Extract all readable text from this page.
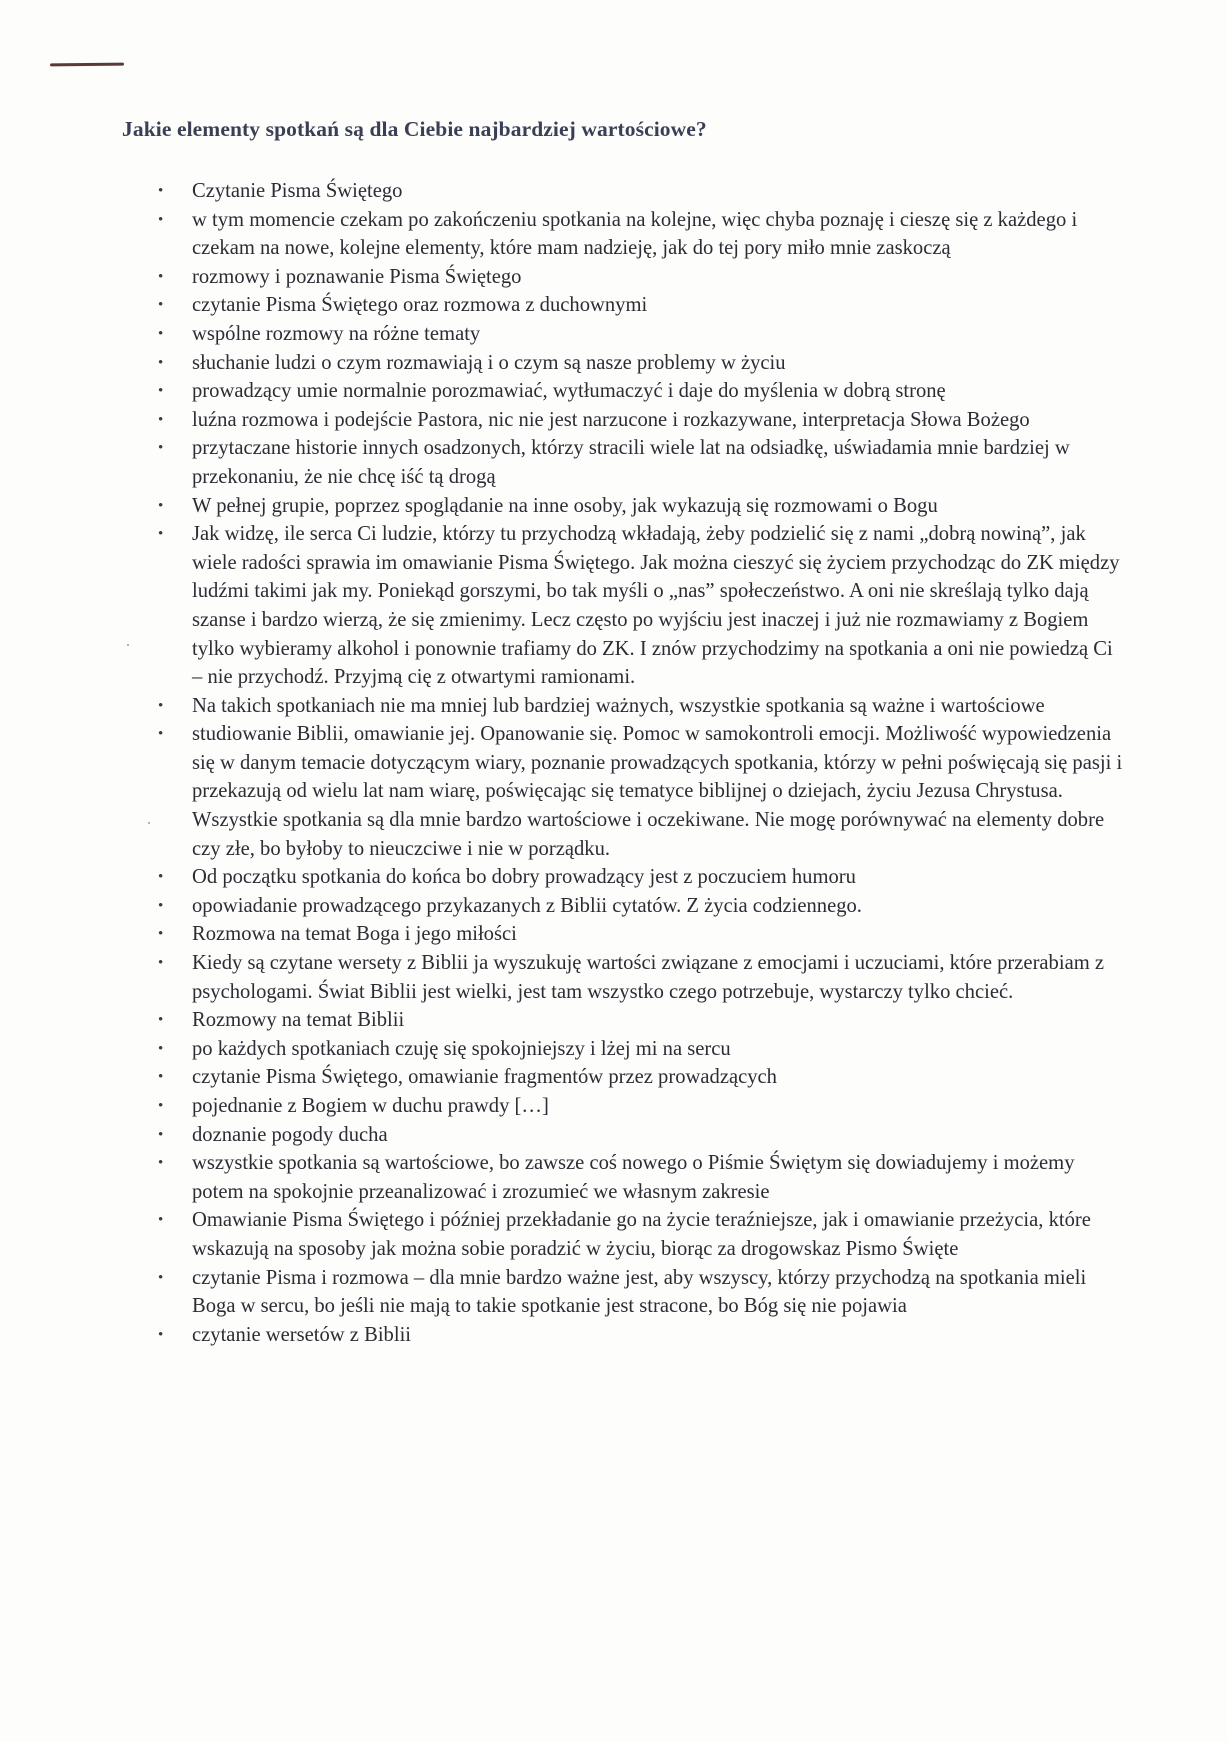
Jakie elementy spotkań są dla Ciebie najbardziej wartościowe?
• Czytanie Pisma Świętego
• w tym momencie czekam po zakończeniu spotkania na kolejne, więc chyba poznaję i cieszę się z każdego i czekam na nowe, kolejne elementy, które mam nadzieję, jak do tej pory miło mnie zaskoczą
• rozmowy i poznawanie Pisma Świętego
• czytanie Pisma Świętego oraz rozmowa z duchownymi
• wspólne rozmowy na różne tematy
• słuchanie ludzi o czym rozmawiają i o czym są nasze problemy w życiu
• prowadzący umie normalnie porozmawiać, wytłumaczyć i daje do myślenia w dobrą stronę
• luźna rozmowa i podejście Pastora, nic nie jest narzucone i rozkazywane, interpretacja Słowa Bożego
• przytaczane historie innych osadzonych, którzy stracili wiele lat na odsiadkę, uświadamia mnie bardziej w przekonaniu, że nie chcę iść tą drogą
• W pełnej grupie, poprzez spoglądanie na inne osoby, jak wykazują się rozmowami o Bogu
• Jak widzę, ile serca Ci ludzie, którzy tu przychodzą wkładają, żeby podzielić się z nami „dobrą nowiną”, jak wiele radości sprawia im omawianie Pisma Świętego. Jak można cieszyć się życiem przychodząc do ZK między ludźmi takimi jak my. Poniekąd gorszymi, bo tak myśli o „nas” społeczeństwo. A oni nie skreślają tylko dają szanse i bardzo wierzą, że się zmienimy. Lecz często po wyjściu jest inaczej i już nie rozmawiamy z Bogiem tylko wybieramy alkohol i ponownie trafiamy do ZK. I znów przychodzimy na spotkania a oni nie powiedzą Ci – nie przychodź. Przyjmą cię z otwartymi ramionami.
• Na takich spotkaniach nie ma mniej lub bardziej ważnych, wszystkie spotkania są ważne i wartościowe
• studiowanie Biblii, omawianie jej. Opanowanie się. Pomoc w samokontroli emocji. Możliwość wypowiedzenia się w danym temacie dotyczącym wiary, poznanie prowadzących spotkania, którzy w pełni poświęcają się pasji i przekazują od wielu lat nam wiarę, poświęcając się tematyce biblijnej o dziejach, życiu Jezusa Chrystusa. Wszystkie spotkania są dla mnie bardzo wartościowe i oczekiwane. Nie mogę porównywać na elementy dobre czy złe, bo byłoby to nieuczciwe i nie w porządku.
• Od początku spotkania do końca bo dobry prowadzący jest z poczuciem humoru
• opowiadanie prowadzącego przykazanych z Biblii cytatów. Z życia codziennego.
• Rozmowa na temat Boga i jego miłości
• Kiedy są czytane wersety z Biblii ja wyszukuję wartości związane z emocjami i uczuciami, które przerabiam z psychologami. Świat Biblii jest wielki, jest tam wszystko czego potrzebuje, wystarczy tylko chcieć.
• Rozmowy na temat Biblii
• po każdych spotkaniach czuję się spokojniejszy i lżej mi na sercu
• czytanie Pisma Świętego, omawianie fragmentów przez prowadzących
• pojednanie z Bogiem w duchu prawdy […]
• doznanie pogody ducha
• wszystkie spotkania są wartościowe, bo zawsze coś nowego o Piśmie Świętym się dowiadujemy i możemy potem na spokojnie przeanalizować i zrozumieć we własnym zakresie
• Omawianie Pisma Świętego i później przekładanie go na życie teraźniejsze, jak i omawianie przeżycia, które wskazują na sposoby jak można sobie poradzić w życiu, biorąc za drogowskaz Pismo Święte
• czytanie Pisma i rozmowa – dla mnie bardzo ważne jest, aby wszyscy, którzy przychodzą na spotkania mieli Boga w sercu, bo jeśli nie mają to takie spotkanie jest stracone, bo Bóg się nie pojawia
• czytanie wersetów z Biblii
